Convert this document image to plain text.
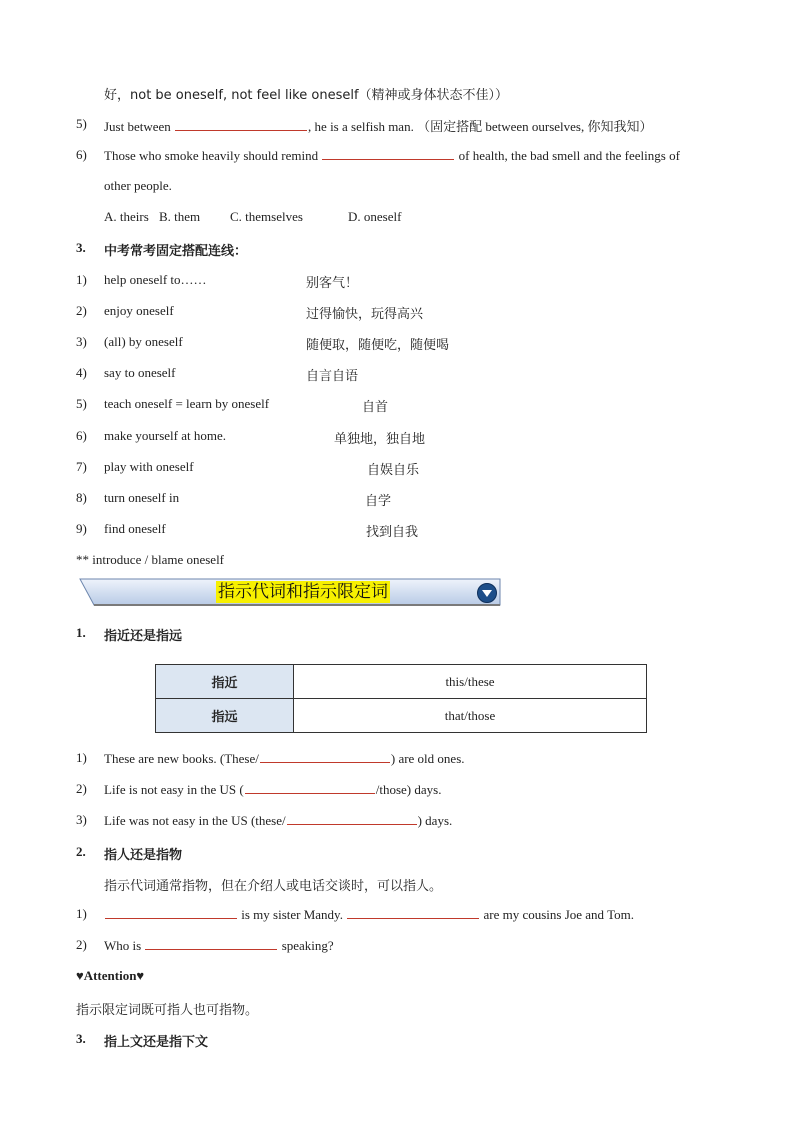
好，not be oneself, not feel like oneself（精神或身体状态不佳））
5) Just between	, he is a selfish man. （固定搭配 between ourselves, 你知我知）
6) Those who smoke heavily should remind	of health, the bad smell and the feelings of
other people.
A. theirs B. them C. themselves	D. oneself
3. 中考常考固定搭配连线：
1) help oneself to……	别客气！
2) enjoy oneself	过得愉快，玩得高兴
3) (all) by oneself	随便取，随便吃，随便喝
4) say to oneself	自言自语
5) teach oneself = learn by oneself	自首
6) make yourself at home.	单独地，独自地
7) play with oneself	自娱自乐
8) turn oneself in	自学
9) find oneself	找到自我
** introduce / blame oneself
指示代词和指示限定词
1. 指近还是指远
指近	this/these
指远	that/those
1) These are new books. (These/	) are old ones.
2) Life is not easy in the US (	/those) days.
3) Life was not easy in the US (these/	) days.
2. 指人还是指物
指示代词通常指物，但在介绍人或电话交谈时，可以指人。
1)	is my sister Mandy.	are my cousins Joe and Tom.
2) Who is	speaking?
♥Attention♥
指示限定词既可指人也可指物。
3. 指上文还是指下文
